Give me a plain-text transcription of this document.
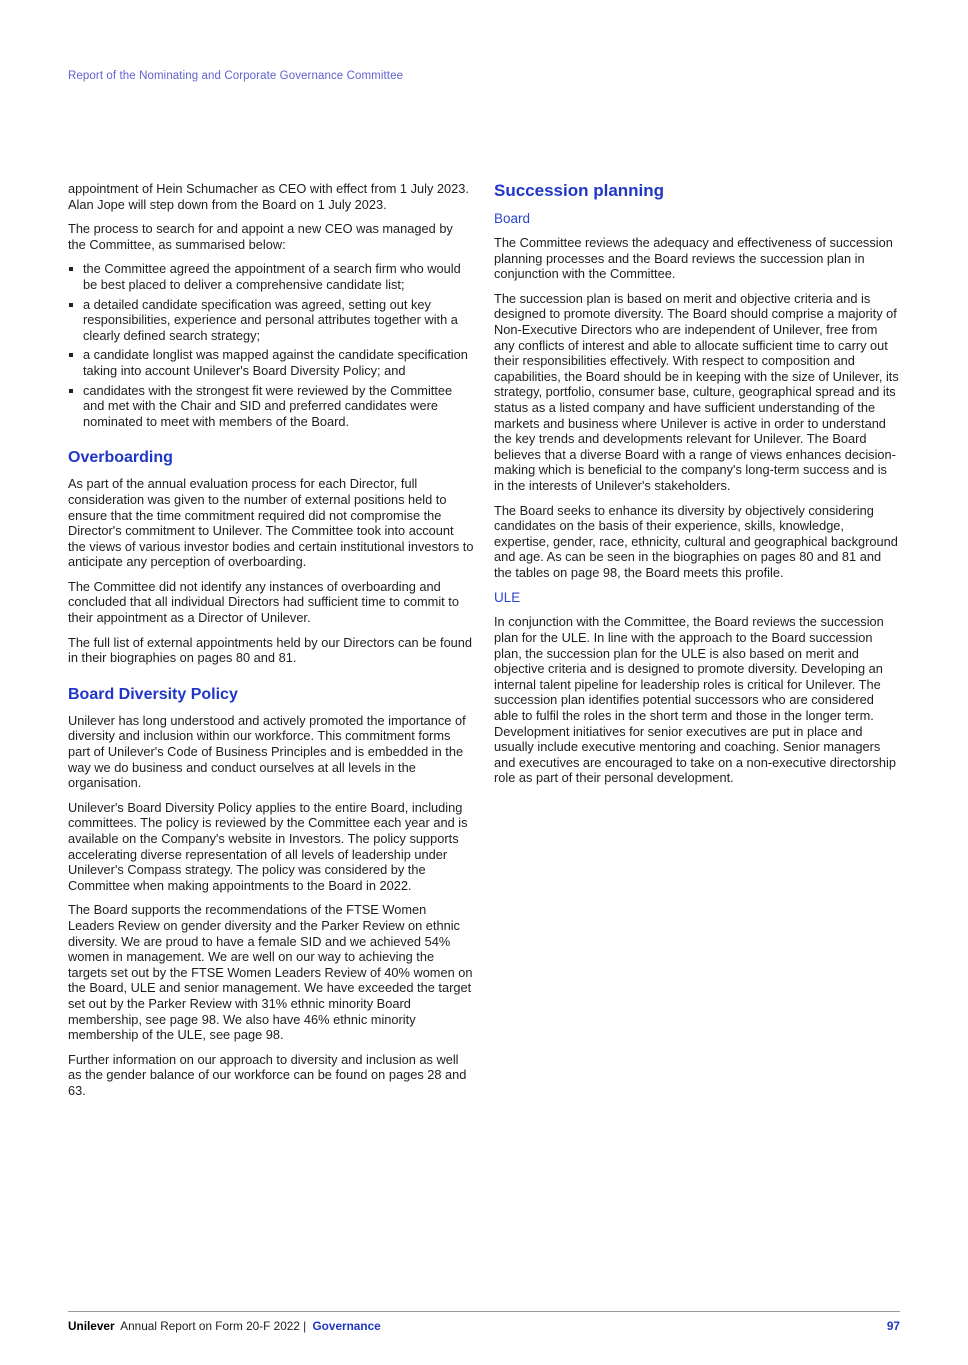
Report of the Nominating and Corporate Governance Committee

appointment of Hein Schumacher as CEO with effect from 1 July 2023. Alan Jope will step down from the Board on 1 July 2023.

The process to search for and appoint a new CEO was managed by the Committee, as summarised below:

the Committee agreed the appointment of a search firm who would be best placed to deliver a comprehensive candidate list;
a detailed candidate specification was agreed, setting out key responsibilities, experience and personal attributes together with a clearly defined search strategy;
a candidate longlist was mapped against the candidate specification taking into account Unilever's Board Diversity Policy; and
candidates with the strongest fit were reviewed by the Committee and met with the Chair and SID and preferred candidates were nominated to meet with members of the Board.
Overboarding

As part of the annual evaluation process for each Director, full consideration was given to the number of external positions held to ensure that the time commitment required did not compromise the Director's commitment to Unilever. The Committee took into account the views of various investor bodies and certain institutional investors to anticipate any perception of overboarding.

The Committee did not identify any instances of overboarding and concluded that all individual Directors had sufficient time to commit to their appointment as a Director of Unilever.

The full list of external appointments held by our Directors can be found in their biographies on pages 80 and 81.

Board Diversity Policy

Unilever has long understood and actively promoted the importance of diversity and inclusion within our workforce. This commitment forms part of Unilever's Code of Business Principles and is embedded in the way we do business and conduct ourselves at all levels in the organisation.

Unilever's Board Diversity Policy applies to the entire Board, including committees. The policy is reviewed by the Committee each year and is available on the Company's website in Investors. The policy supports accelerating diverse representation of all levels of leadership under Unilever's Compass strategy. The policy was considered by the Committee when making appointments to the Board in 2022.

The Board supports the recommendations of the FTSE Women Leaders Review on gender diversity and the Parker Review on ethnic diversity. We are proud to have a female SID and we achieved 54% women in management. We are well on our way to achieving the targets set out by the FTSE Women Leaders Review of 40% women on the Board, ULE and senior management. We have exceeded the target set out by the Parker Review with 31% ethnic minority Board membership, see page 98. We also have 46% ethnic minority membership of the ULE, see page 98.

Further information on our approach to diversity and inclusion as well as the gender balance of our workforce can be found on pages 28 and 63.

Succession planning
Board

The Committee reviews the adequacy and effectiveness of succession planning processes and the Board reviews the succession plan in conjunction with the Committee.

The succession plan is based on merit and objective criteria and is designed to promote diversity. The Board should comprise a majority of Non-Executive Directors who are independent of Unilever, free from any conflicts of interest and able to allocate sufficient time to carry out their responsibilities effectively. With respect to composition and capabilities, the Board should be in keeping with the size of Unilever, its strategy, portfolio, consumer base, culture, geographical spread and its status as a listed company and have sufficient understanding of the markets and business where Unilever is active in order to understand the key trends and developments relevant for Unilever. The Board believes that a diverse Board with a range of views enhances decision-making which is beneficial to the company's long-term success and is in the interests of Unilever's stakeholders.

The Board seeks to enhance its diversity by objectively considering candidates on the basis of their experience, skills, knowledge, expertise, gender, race, ethnicity, cultural and geographical background and age. As can be seen in the biographies on pages 80 and 81 and the tables on page 98, the Board meets this profile.

ULE

In conjunction with the Committee, the Board reviews the succession plan for the ULE. In line with the approach to the Board succession plan, the succession plan for the ULE is also based on merit and objective criteria and is designed to promote diversity. Developing an internal talent pipeline for leadership roles is critical for Unilever. The succession plan identifies potential successors who are considered able to fulfil the roles in the short term and those in the longer term. Development initiatives for senior executives are put in place and usually include executive mentoring and coaching. Senior managers and executives are encouraged to take on a non-executive directorship role as part of their personal development.

Unilever Annual Report on Form 20-F 2022 | Governance	97
